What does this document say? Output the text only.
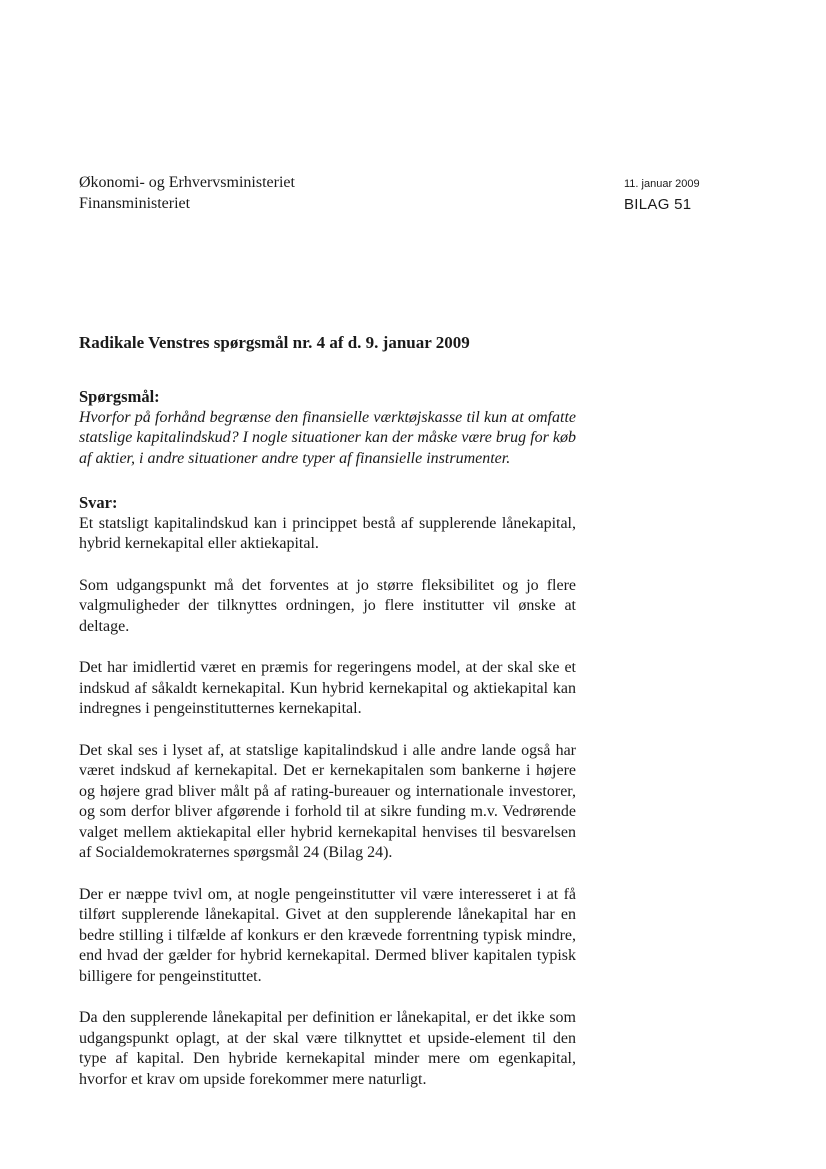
Økonomi- og Erhvervsministeriet
Finansministeriet
11. januar 2009
BILAG 51
Radikale Venstres spørgsmål nr. 4 af d. 9. januar 2009
Spørgsmål:
Hvorfor på forhånd begrænse den finansielle værktøjskasse til kun at omfatte statslige kapitalindskud? I nogle situationer kan der måske være brug for køb af aktier, i andre situationer andre typer af finansielle instrumenter.
Svar:

Et statsligt kapitalindskud kan i princippet bestå af supplerende lånekapital, hybrid kernekapital eller aktiekapital.

Som udgangspunkt må det forventes at jo større fleksibilitet og jo flere valgmuligheder der tilknyttes ordningen, jo flere institutter vil ønske at deltage.

Det har imidlertid været en præmis for regeringens model, at der skal ske et indskud af såkaldt kernekapital. Kun hybrid kernekapital og aktiekapital kan indregnes i pengeinstitutternes kernekapital.

Det skal ses i lyset af, at statslige kapitalindskud i alle andre lande også har været indskud af kernekapital. Det er kernekapitalen som bankerne i højere og højere grad bliver målt på af rating-bureauer og internationale investorer, og som derfor bliver afgørende i forhold til at sikre funding m.v. Vedrørende valget mellem aktiekapital eller hybrid kernekapital henvises til besvarelsen af Socialdemokraternes spørgsmål 24 (Bilag 24).

Der er næppe tvivl om, at nogle pengeinstitutter vil være interesseret i at få tilført supplerende lånekapital. Givet at den supplerende lånekapital har en bedre stilling i tilfælde af konkurs er den krævede forrentning typisk mindre, end hvad der gælder for hybrid kernekapital. Dermed bliver kapitalen typisk billigere for pengeinstituttet.

Da den supplerende lånekapital per definition er lånekapital, er det ikke som udgangspunkt oplagt, at der skal være tilknyttet et upside-element til den type af kapital. Den hybride kernekapital minder mere om egenkapital, hvorfor et krav om upside forekommer mere naturligt.
